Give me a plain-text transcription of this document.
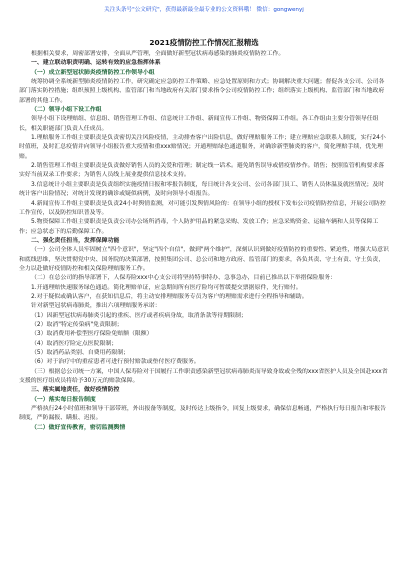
关注头条号"公文研究"，获得最新最全最专业的公文资料哦！ 微信：gongwenyj
2021疫情防控工作情况汇报精选

根据相关要求，周密部署安排，全面从严管理，全面做好新型冠状病毒感染的肺炎疫情防控工作。

一、建立联动职责明确、运转有效的应急指挥体系

（一）成立新型冠状肺炎疫情防控工作领导小组

统筹协调全系统新型肺炎疫情防控工作，研究确定应急防控工作策略、应急处置原则和方式；协调解决重大问题；督促各支公司、公司各部门落实防控措施；组织预照上级机构、监管部门和当地政府有关部门要求指令公司疫情防控工作；组织落实上级机构、监管部门和当地政府部署的其他工作。

（二）领导小组下设工作组

领导小组下设理赔组、信息组、销售管理工作组、信息统计工作组、新闻宣传工作组、物资保障工作组。各工作组由主要分管领导任组长，相关职能部门负责人任成员。

1.理赔服务工作组主要职责是负责密切关注风险疫情，主动排查客户出险信息，做好理赔服务工作；建立理赔应急联系人制度，实行24小时值班，及时汇总疫情并向领导小组报告重大疫情和重xxx赔情况；开通理赔绿色通道服务，对确诊新型肺炎的客户，简化理赔手续，优先理赔。

2.销售管理工作组主要职责是负责做好销售人员的关爱和管理；制定线一话术。避免销售误导或借疫情炒作。销售；按照监管机构要求落实好当前双录工作要求；为销售人员线上展业提供信息技术支持。

3.信息统计小组主要职责是负责组织实施疫情日报和零报告制度，每日统计各支公司、公司各部门员工、销售人员体温及就医情况；及时统计客户出险情况；对统计发现的确诊或疑似病例，及时向领导小组报告。

4.新闻宣传工作组主要职责是负责24小时舆情监测，对可能引发舆情风险的：在领导小组的授权下发布公司疫情防控信息，开展公司防控工作宣传，以及防控知识普及等。

5.物资保障工作组主要职责是负责公司办公场所消毒，个人防护用品的紧急采购、发放工作；应急采购资金、运输车辆和人员等保障工作；应急状态下的后勤保障工作。

二、强化责任担当，发挥保障功能

（一）公司全体人员牢固树立"四个意识"，坚定"四个自信"，做到"两个维护"，深刻认识到做好疫情防控的重要性、紧迫性，增强大局意识和底线思维，坚决贯彻党中央、国务院的决策部署，按照集团公司、总公司和地方政府、监管部门的要求，各负其责、守土有责、守土负责，全力以赴做好疫情防控和相关保险理赔服务工作。

（二）在总公司的指导部署下，人保寿险xxx中心支公司将坚持特事特办、急事急办，目前已推出以下举措保险服务：

1.开通理赔快速服务绿色通道。简化理赔单证，应急期间所有医疗险均可暂缓提交票据原件，先行赔付。

2.对于疑似或确认客户，在获知信息后，将主动安排理赔服务专员为客户的理赔需求进行全程指导和辅助。

针对新型冠状病毒肺炎，推出六项理赔服务承诺：

（1）因新型冠状病毒肺炎引起的重疾、医疗或者疾病身故，取消条款等待期限制；

（2）取消"特定传染病"免责限制；

（3）取消费用补偿型医疗保险免赔额（限额）

（4）取消医疗险定点医院限制；

（5）取消药品类别、自费用药限制；

（6）对于治疗中的重症患者可进行预付赔款或垫付医疗费服务。

（三）根据总公司统一方案，中国人保寿险对于国履行工作职责感染新型冠状病毒肺炎而导致身故或全残的xxx省医护人员及全国赴xxx省支援的医疗组成员将给予30万元的赔款保障。

三、落实属地责任，做好疫情防控

（一）落实每日报告制度

严格执行24小时值班和领导干部带班，外出报备等制度，及时传达上级指令，回复上级要求，确保信息畅通，严格执行每日报告和零报告制度，严防漏报、瞒报、迟报。

（二）做好宣传教育，密切监测舆情
